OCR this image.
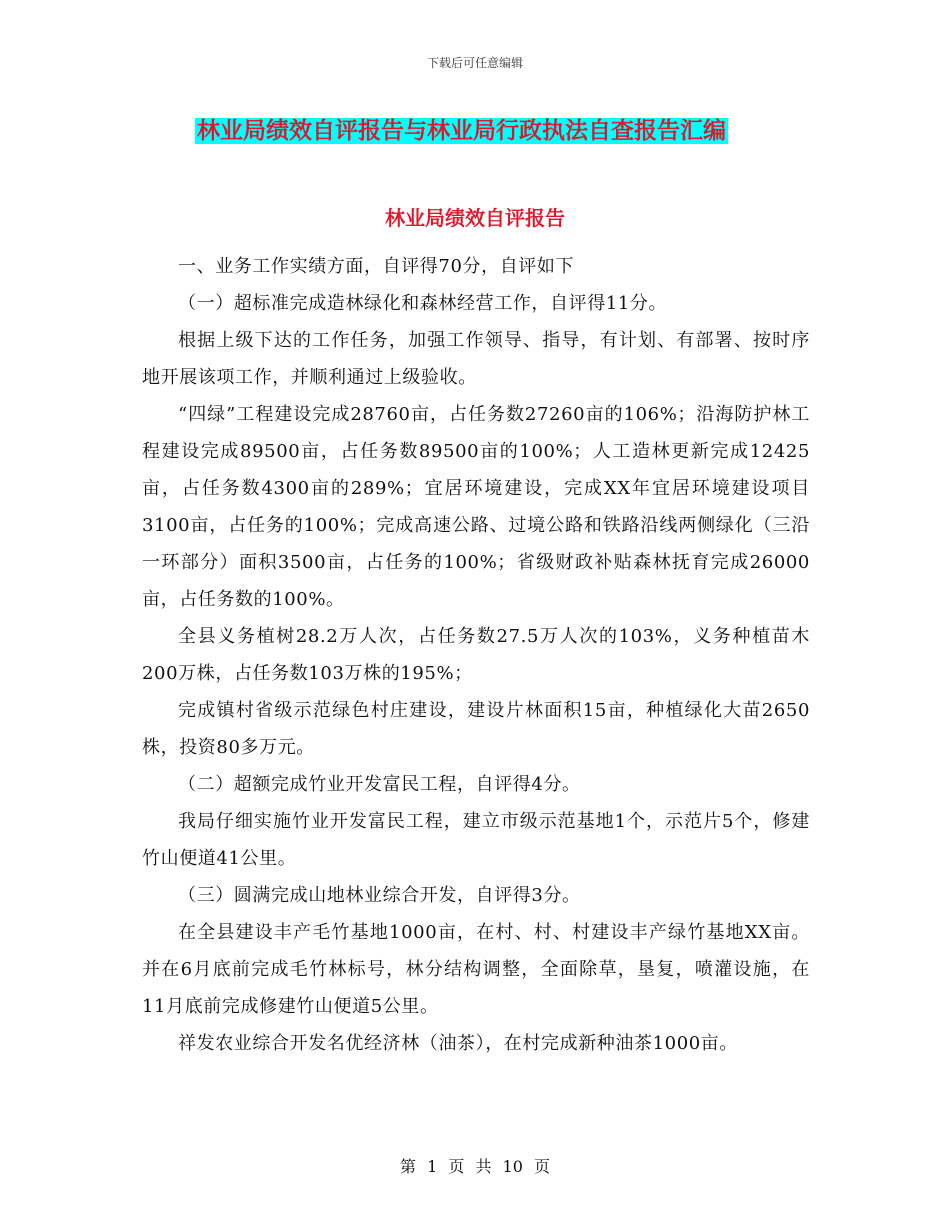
下载后可任意编辑
林业局绩效自评报告与林业局行政执法自查报告汇编
林业局绩效自评报告

一、业务工作实绩方面，自评得70分，自评如下

（一）超标准完成造林绿化和森林经营工作，自评得11分。

根据上级下达的工作任务，加强工作领导、指导，有计划、有部署、按时序地开展该项工作，并顺利通过上级验收。

“四绿”工程建设完成28760亩，占任务数27260亩的106%；沿海防护林工程建设完成89500亩，占任务数89500亩的100%；人工造林更新完成12425亩，占任务数4300亩的289%；宜居环境建设，完成XX年宜居环境建设项目3100亩，占任务的100%；完成高速公路、过境公路和铁路沿线两侧绿化（三沿一环部分）面积3500亩，占任务的100%；省级财政补贴森林抚育完成26000亩，占任务数的100%。

全县义务植树28.2万人次，占任务数27.5万人次的103%，义务种植苗木200万株，占任务数103万株的195%；

完成镇村省级示范绿色村庄建设，建设片林面积15亩，种植绿化大苗2650株，投资80多万元。

（二）超额完成竹业开发富民工程，自评得4分。

我局仔细实施竹业开发富民工程，建立市级示范基地1个，示范片5个，修建竹山便道41公里。

（三）圆满完成山地林业综合开发，自评得3分。

在全县建设丰产毛竹基地1000亩，在村、村、村建设丰产绿竹基地XX亩。并在6月底前完成毛竹林标号，林分结构调整，全面除草，垦复，喷灌设施，在11月底前完成修建竹山便道5公里。

祥发农业综合开发名优经济林（油茶），在村完成新种油茶1000亩。

第 1 页 共 10 页
